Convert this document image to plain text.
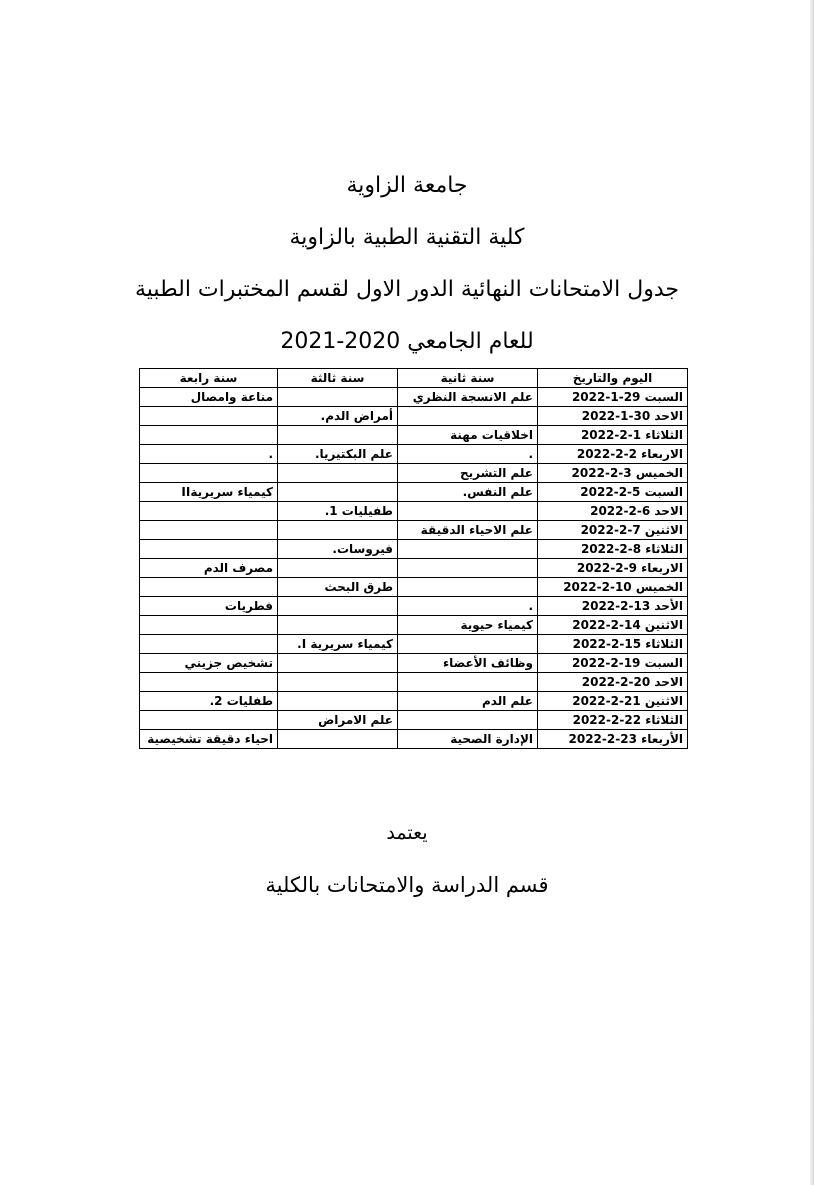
جامعة الزاوية
كلية التقنية الطبية بالزاوية
جدول الامتحانات النهائية الدور الاول لقسم المختبرات الطبية
للعام الجامعي 2020-2021
اليوم والتاريخ	سنة ثانية	سنة ثالثة	سنة رابعة
السبت 29-1-2022	علم الانسجة النظري		مناعة وامصال
الاحد 30-1-2022		أمراض الدم.	
الثلاثاء 1-2-2022	اخلاقيات مهنة		
الاربعاء 2-2-2022	.	علم البكتيريا.	.
الخميس 3-2-2022	علم التشريح		
السبت 5-2-2022	علم النفس.		كيمياء سريريةII
الاحد 6-2-2022		طفيليات 1.	
الاثنين 7-2-2022	علم الاحياء الدقيقة		
الثلاثاء 8-2-2022		فيروسات.	
الاربعاء 9-2-2022			مصرف الدم
الخميس 10-2-2022		طرق البحث	
الأحد 13-2-2022	.		فطريات
الاثنين 14-2-2022	كيمياء حيوية		
الثلاثاء 15-2-2022		كيمياء سريرية I.	
السبت 19-2-2022	وظائف الأعضاء		تشخيص جزيني
الاحد 20-2-2022			
الاثنين 21-2-2022	علم الدم		طفليات 2.
الثلاثاء 22-2-2022		علم الامراض	
الأربعاء 23-2-2022	الإدارة الصحية		احياء دقيقة تشخيصية
يعتمد
قسم الدراسة والامتحانات بالكلية
